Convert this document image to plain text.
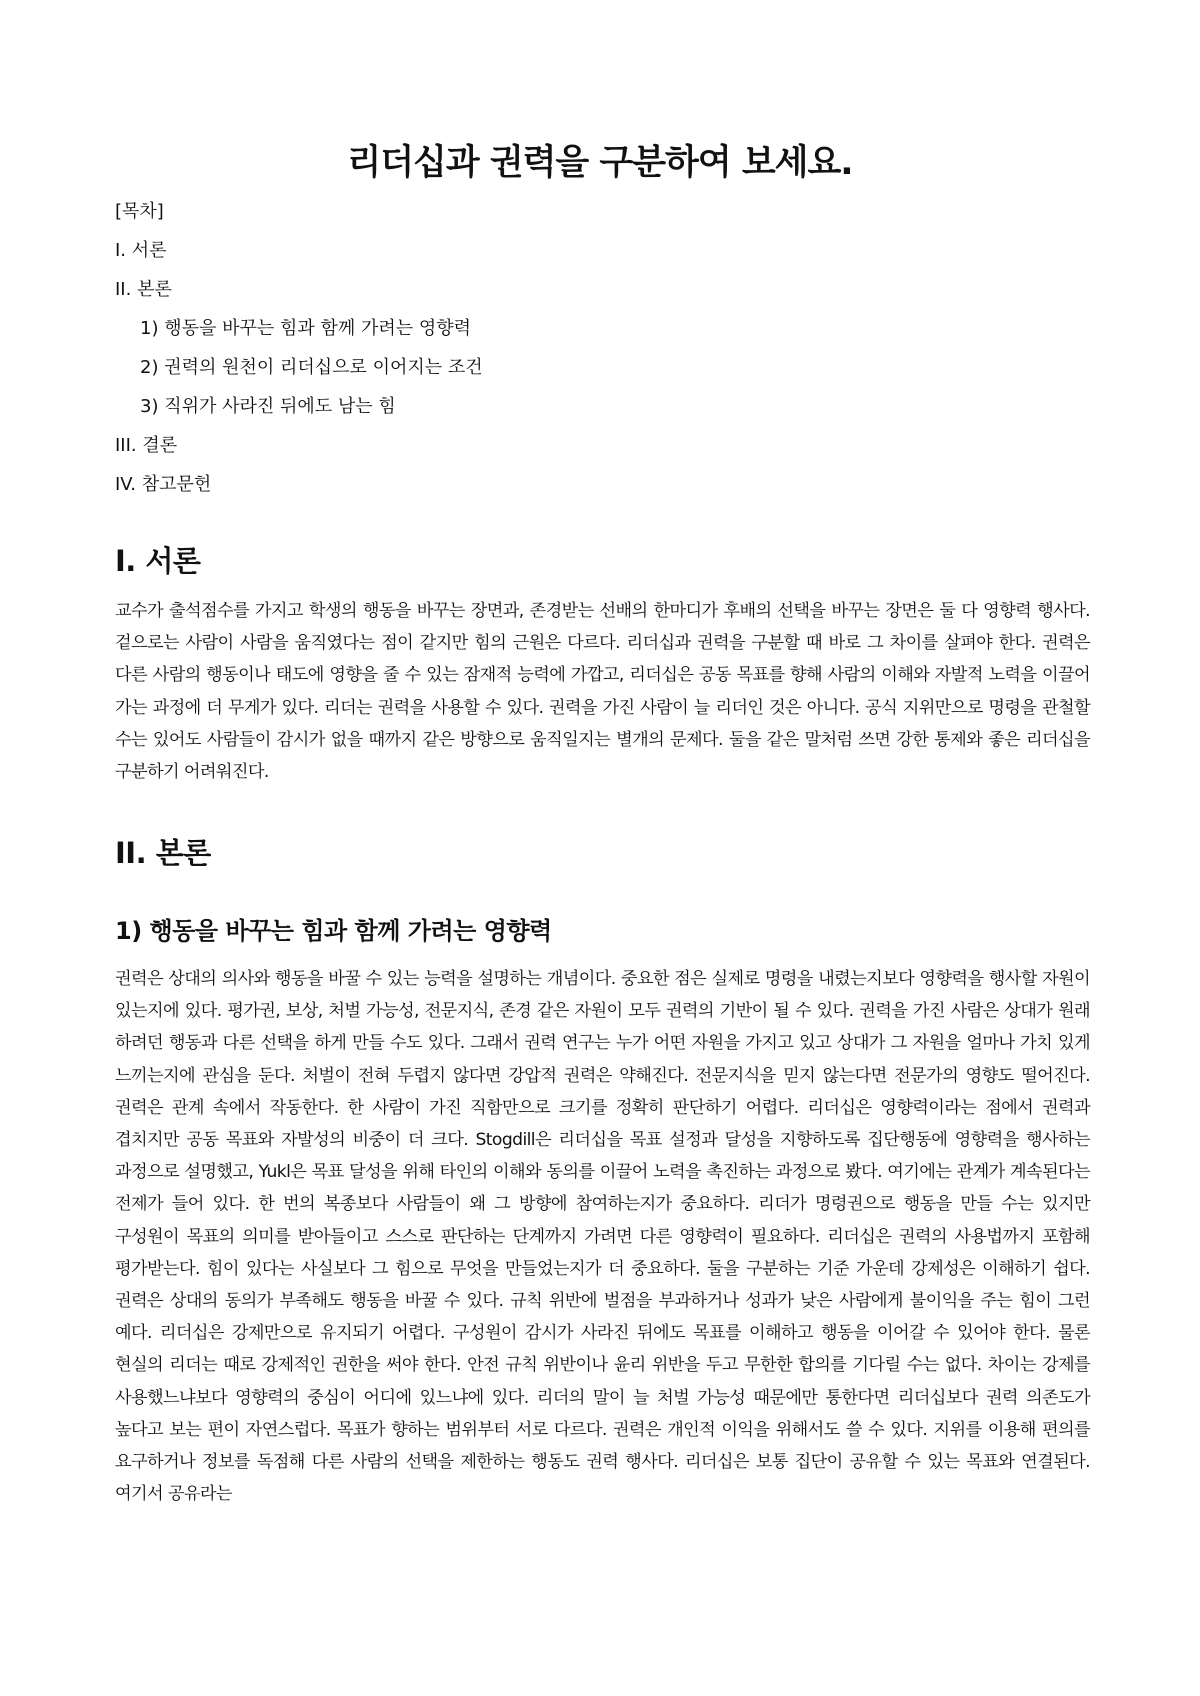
리더십과 권력을 구분하여 보세요.
[목차]
I. 서론
II. 본론
1) 행동을 바꾸는 힘과 함께 가려는 영향력
2) 권력의 원천이 리더십으로 이어지는 조건
3) 직위가 사라진 뒤에도 남는 힘
III. 결론
IV. 참고문헌
I. 서론

교수가 출석점수를 가지고 학생의 행동을 바꾸는 장면과, 존경받는 선배의 한마디가 후배의 선택을 바꾸는 장면은 둘 다 영향력 행사다. 겉으로는 사람이 사람을 움직였다는 점이 같지만 힘의 근원은 다르다. 리더십과 권력을 구분할 때 바로 그 차이를 살펴야 한다. 권력은 다른 사람의 행동이나 태도에 영향을 줄 수 있는 잠재적 능력에 가깝고, 리더십은 공동 목표를 향해 사람의 이해와 자발적 노력을 이끌어 가는 과정에 더 무게가 있다. 리더는 권력을 사용할 수 있다. 권력을 가진 사람이 늘 리더인 것은 아니다. 공식 지위만으로 명령을 관철할 수는 있어도 사람들이 감시가 없을 때까지 같은 방향으로 움직일지는 별개의 문제다. 둘을 같은 말처럼 쓰면 강한 통제와 좋은 리더십을 구분하기 어려워진다.

II. 본론
1) 행동을 바꾸는 힘과 함께 가려는 영향력

권력은 상대의 의사와 행동을 바꿀 수 있는 능력을 설명하는 개념이다. 중요한 점은 실제로 명령을 내렸는지보다 영향력을 행사할 자원이 있는지에 있다. 평가권, 보상, 처벌 가능성, 전문지식, 존경 같은 자원이 모두 권력의 기반이 될 수 있다. 권력을 가진 사람은 상대가 원래 하려던 행동과 다른 선택을 하게 만들 수도 있다. 그래서 권력 연구는 누가 어떤 자원을 가지고 있고 상대가 그 자원을 얼마나 가치 있게 느끼는지에 관심을 둔다. 처벌이 전혀 두렵지 않다면 강압적 권력은 약해진다. 전문지식을 믿지 않는다면 전문가의 영향도 떨어진다. 권력은 관계 속에서 작동한다. 한 사람이 가진 직함만으로 크기를 정확히 판단하기 어렵다. 리더십은 영향력이라는 점에서 권력과 겹치지만 공동 목표와 자발성의 비중이 더 크다. Stogdill은 리더십을 목표 설정과 달성을 지향하도록 집단행동에 영향력을 행사하는 과정으로 설명했고, Yukl은 목표 달성을 위해 타인의 이해와 동의를 이끌어 노력을 촉진하는 과정으로 봤다. 여기에는 관계가 계속된다는 전제가 들어 있다. 한 번의 복종보다 사람들이 왜 그 방향에 참여하는지가 중요하다. 리더가 명령권으로 행동을 만들 수는 있지만 구성원이 목표의 의미를 받아들이고 스스로 판단하는 단계까지 가려면 다른 영향력이 필요하다. 리더십은 권력의 사용법까지 포함해 평가받는다. 힘이 있다는 사실보다 그 힘으로 무엇을 만들었는지가 더 중요하다. 둘을 구분하는 기준 가운데 강제성은 이해하기 쉽다. 권력은 상대의 동의가 부족해도 행동을 바꿀 수 있다. 규칙 위반에 벌점을 부과하거나 성과가 낮은 사람에게 불이익을 주는 힘이 그런 예다. 리더십은 강제만으로 유지되기 어렵다. 구성원이 감시가 사라진 뒤에도 목표를 이해하고 행동을 이어갈 수 있어야 한다. 물론 현실의 리더는 때로 강제적인 권한을 써야 한다. 안전 규칙 위반이나 윤리 위반을 두고 무한한 합의를 기다릴 수는 없다. 차이는 강제를 사용했느냐보다 영향력의 중심이 어디에 있느냐에 있다. 리더의 말이 늘 처벌 가능성 때문에만 통한다면 리더십보다 권력 의존도가 높다고 보는 편이 자연스럽다. 목표가 향하는 범위부터 서로 다르다. 권력은 개인적 이익을 위해서도 쓸 수 있다. 지위를 이용해 편의를 요구하거나 정보를 독점해 다른 사람의 선택을 제한하는 행동도 권력 행사다. 리더십은 보통 집단이 공유할 수 있는 목표와 연결된다. 여기서 공유라는
